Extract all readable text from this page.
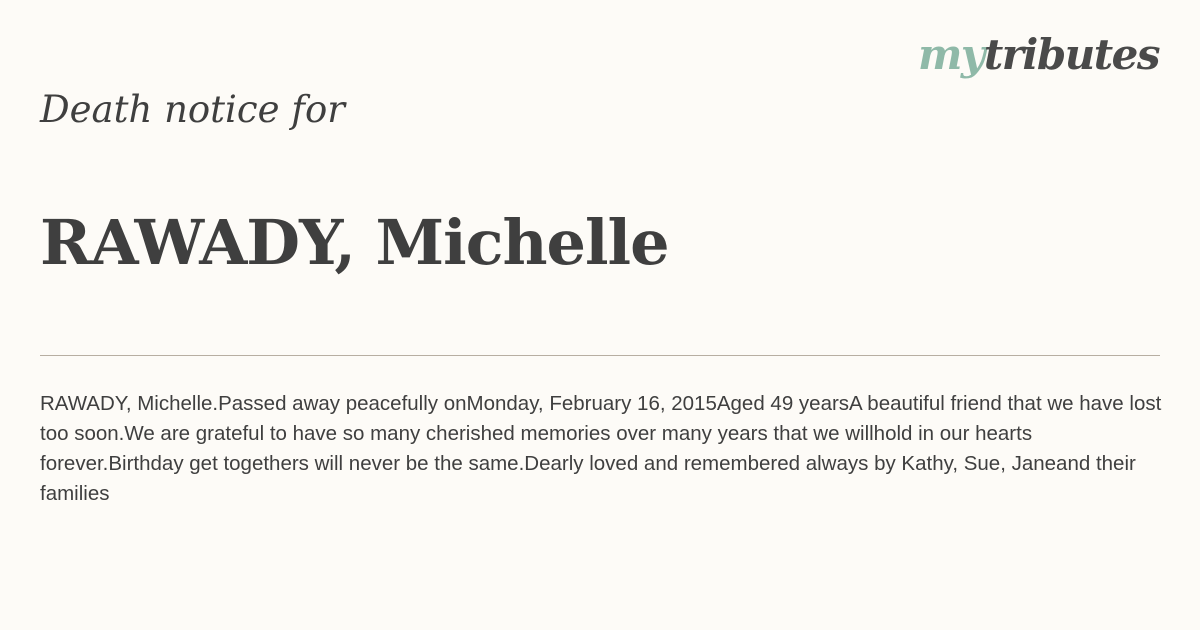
mytributes
Death notice for
RAWADY, Michelle

RAWADY, Michelle.Passed away peacefully onMonday, February 16, 2015Aged 49 yearsA beautiful friend that we have lost too soon.We are grateful to have so many cherished memories over many years that we willhold in our hearts forever.Birthday get togethers will never be the same.Dearly loved and remembered always by Kathy, Sue, Janeand their families
